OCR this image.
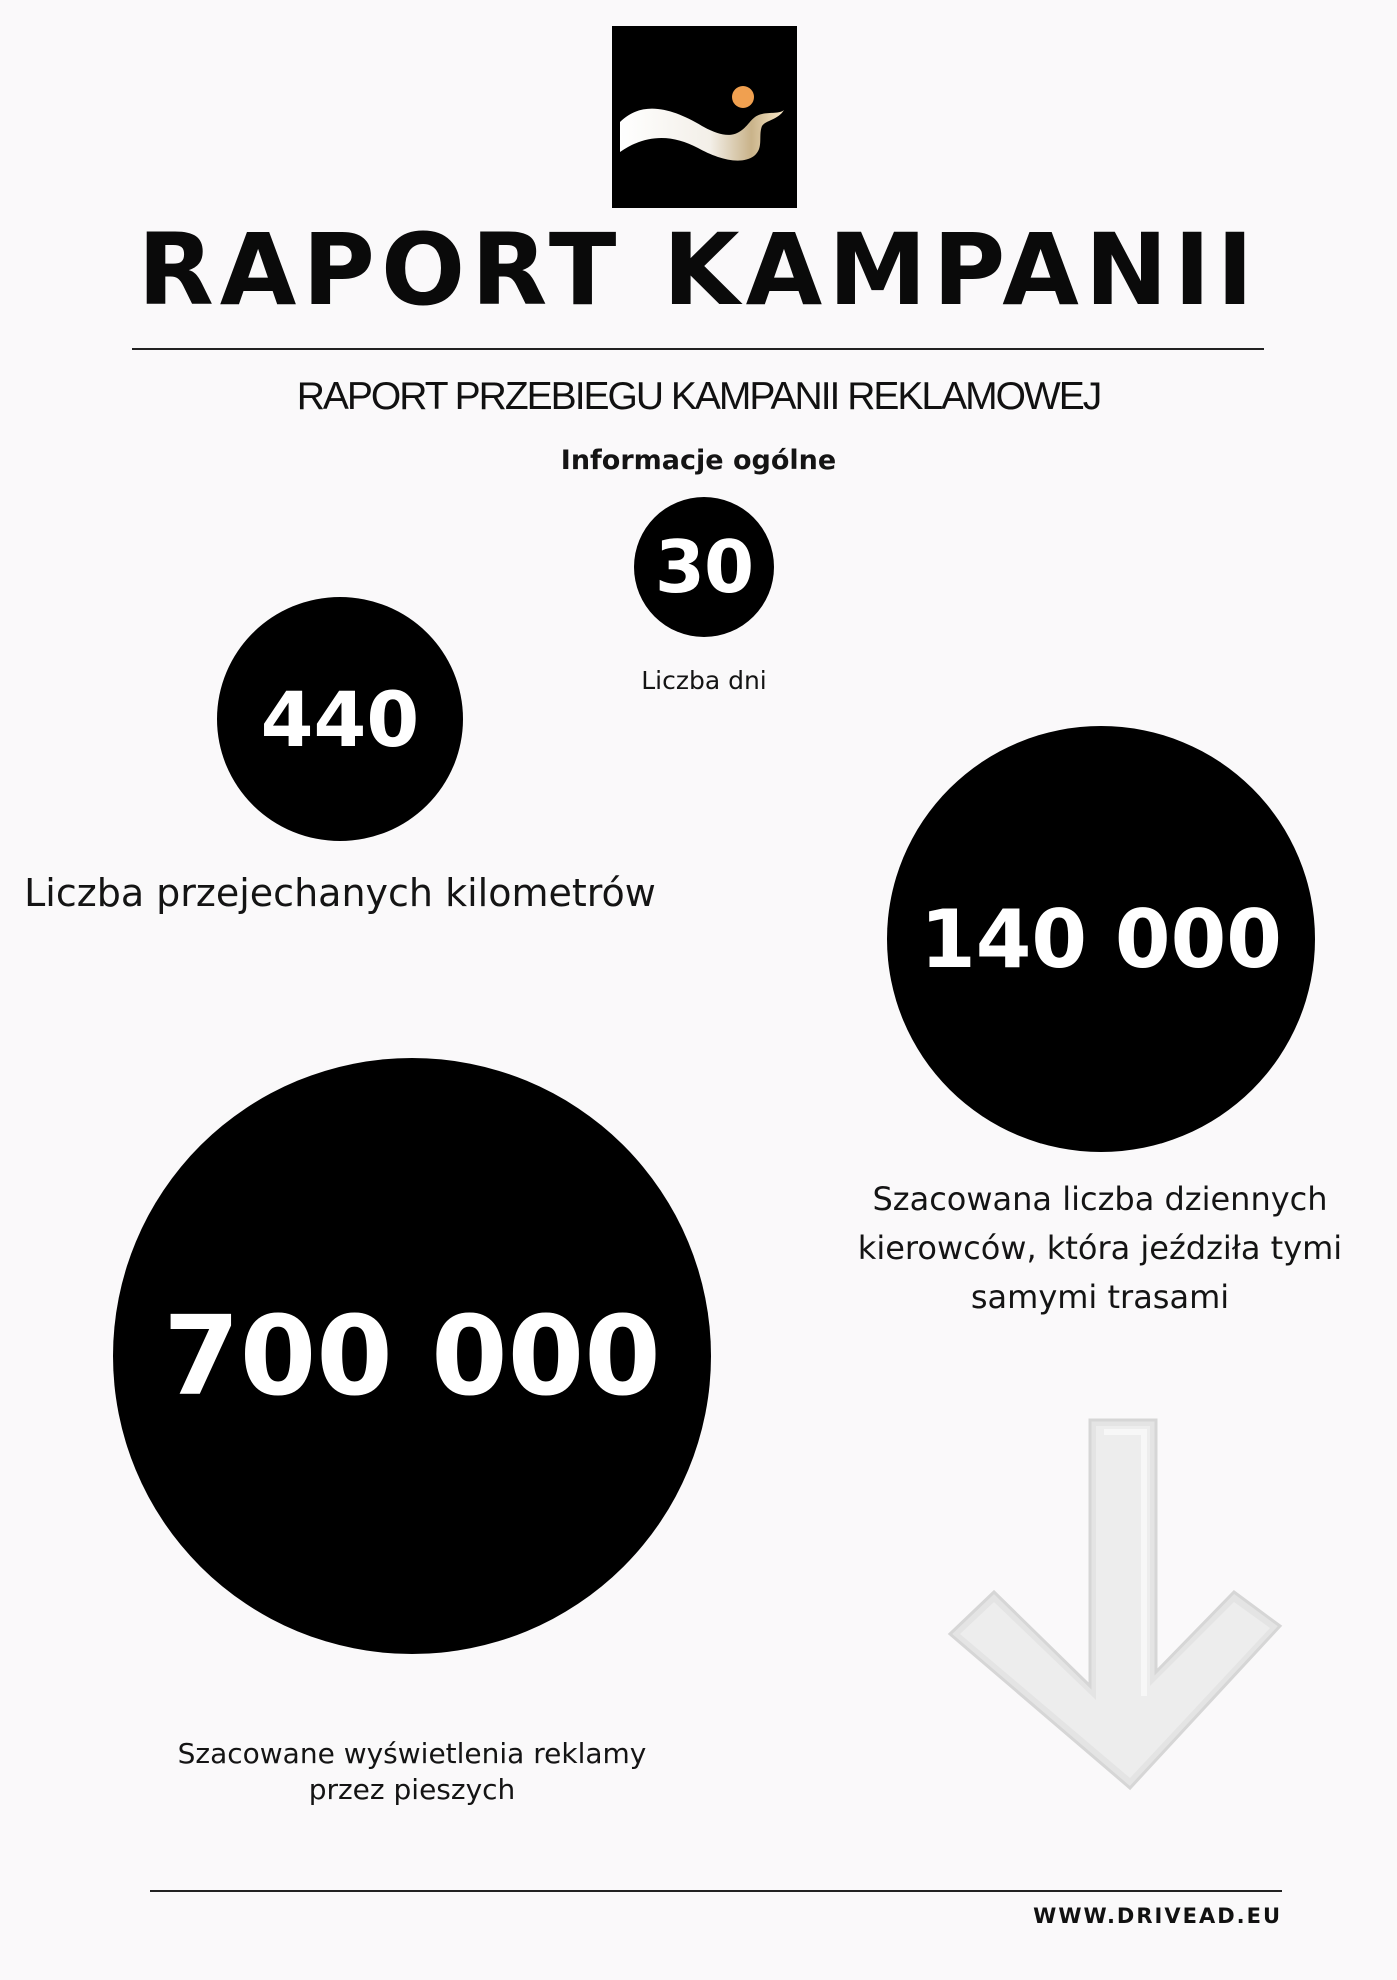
RAPORT KAMPANII
RAPORT PRZEBIEGU KAMPANII REKLAMOWEJ
Informacje ogólne
30
Liczba dni
440
Liczba przejechanych kilometrów	140 000
Szacowana liczba dziennych kierowców, która jeździła tymi samymi trasami
700 000
Szacowane wyświetlenia reklamy przez pieszych
WWW.DRIVEAD.EU
